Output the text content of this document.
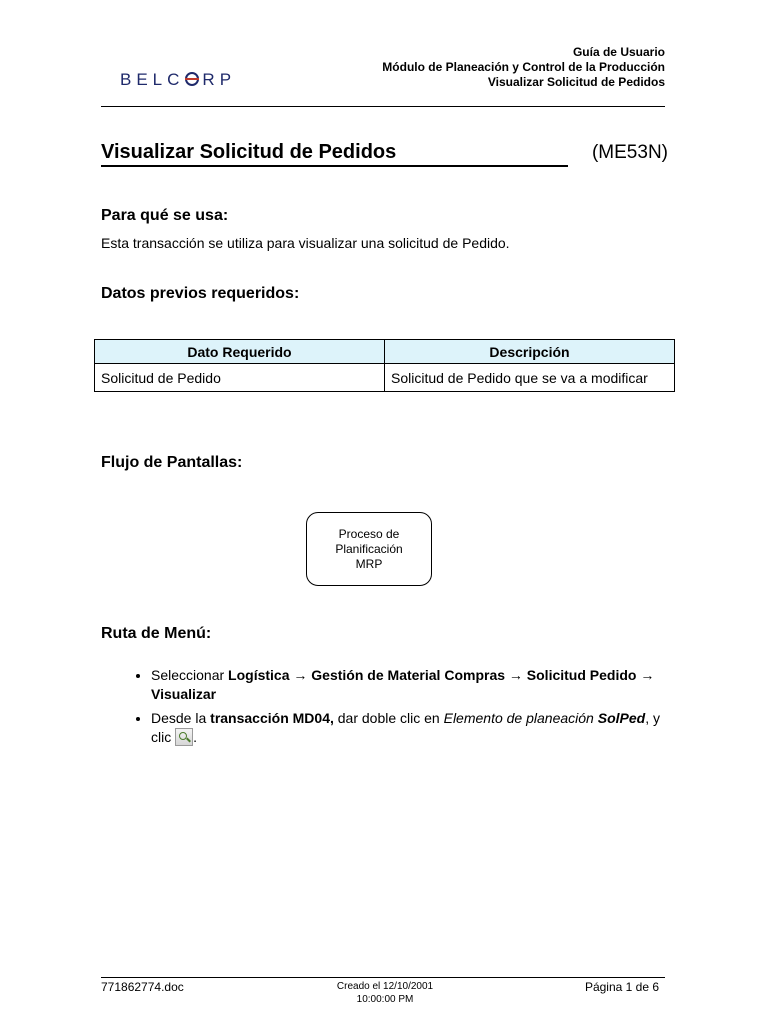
BELC RP
Guía de Usuario
Módulo de Planeación y Control de la Producción
Visualizar Solicitud de Pedidos
Visualizar Solicitud de Pedidos	(ME53N)
Para qué se usa:
Esta transacción se utiliza para visualizar una solicitud de Pedido.
Datos previos requeridos:
Dato Requerido	Descripción
Solicitud de Pedido	Solicitud de Pedido que se va a modificar
Flujo de Pantallas:
Proceso de
Planificación
MRP
Ruta de Menú:
• Seleccionar Logística → Gestión de Material Compras → Solicitud Pedido → Visualizar
• Desde la transacción MD04, dar doble clic en Elemento de planeación SolPed, y clic .
771862774.doc	Creado el 12/10/2001
10:00:00 PM
Página 1 de 6
